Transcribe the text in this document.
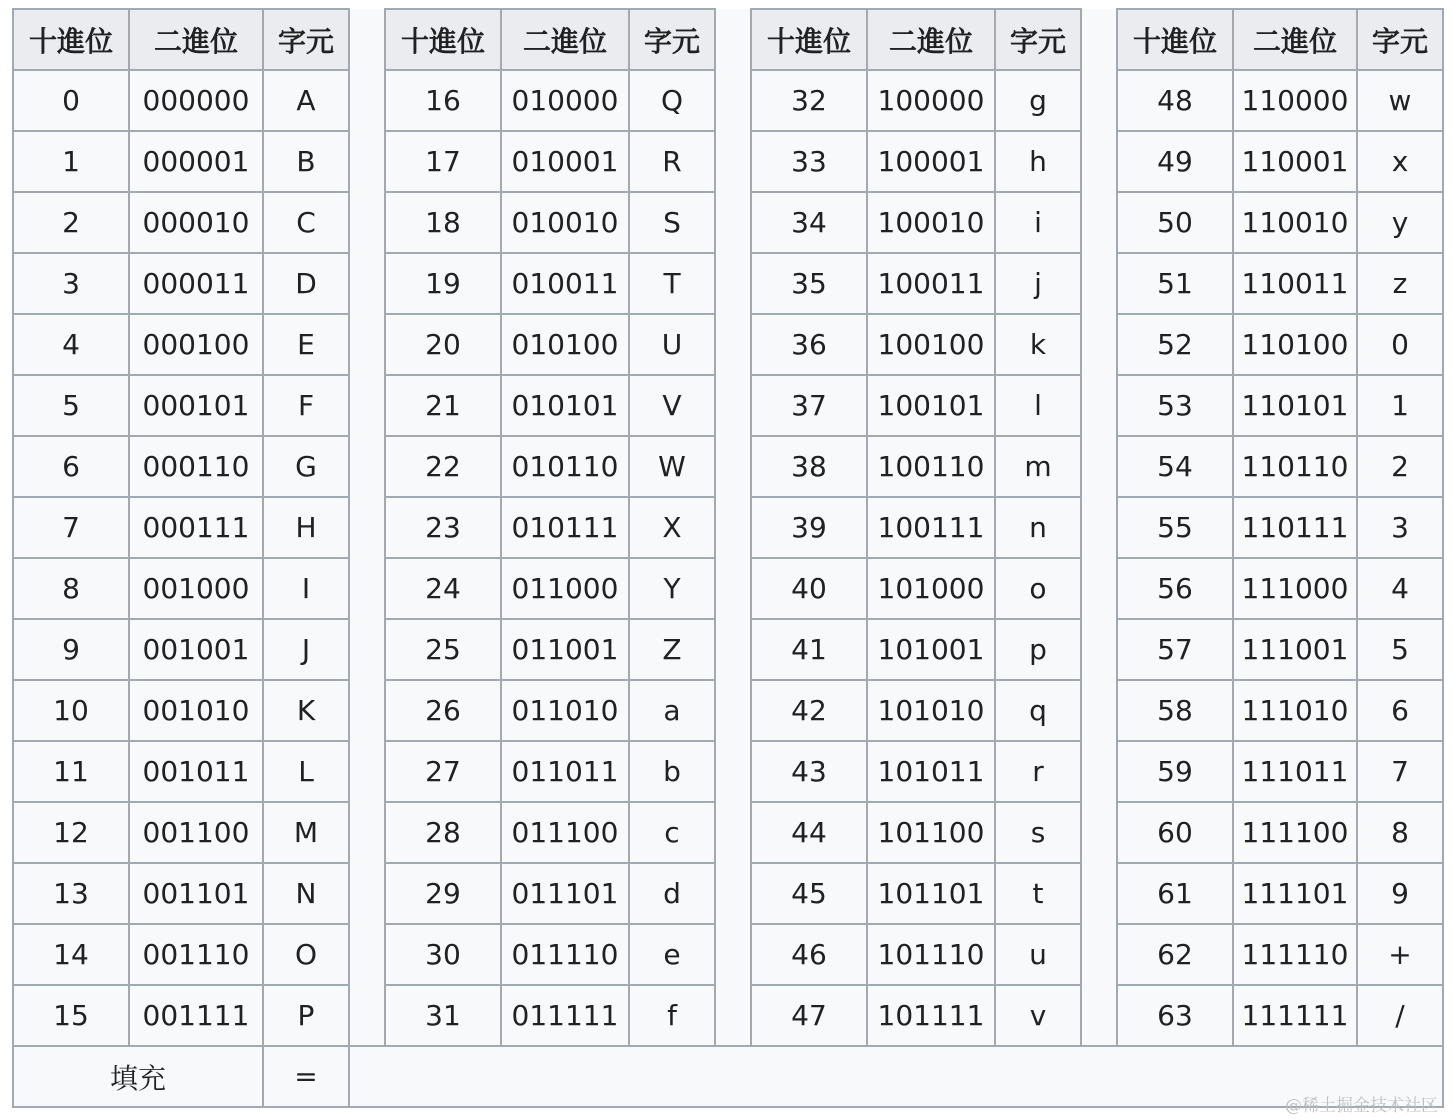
十進位	二進位	字元		十進位	二進位	字元		十進位	二進位	字元		十進位	二進位	字元
0	000000	A		16	010000	Q		32	100000	g		48	110000	w
1	000001	B		17	010001	R		33	100001	h		49	110001	x
2	000010	C		18	010010	S		34	100010	i		50	110010	y
3	000011	D		19	010011	T		35	100011	j		51	110011	z
4	000100	E		20	010100	U		36	100100	k		52	110100	0
5	000101	F		21	010101	V		37	100101	l		53	110101	1
6	000110	G		22	010110	W		38	100110	m		54	110110	2
7	000111	H		23	010111	X		39	100111	n		55	110111	3
8	001000	I		24	011000	Y		40	101000	o		56	111000	4
9	001001	J		25	011001	Z		41	101001	p		57	111001	5
10	001010	K		26	011010	a		42	101010	q		58	111010	6
11	001011	L		27	011011	b		43	101011	r		59	111011	7
12	001100	M		28	011100	c		44	101100	s		60	111100	8
13	001101	N		29	011101	d		45	101101	t		61	111101	9
14	001110	O		30	011110	e		46	101110	u		62	111110	+
15	001111	P		31	011111	f		47	101111	v		63	111111	/
填充		=												
@稀土掘金技术社区
